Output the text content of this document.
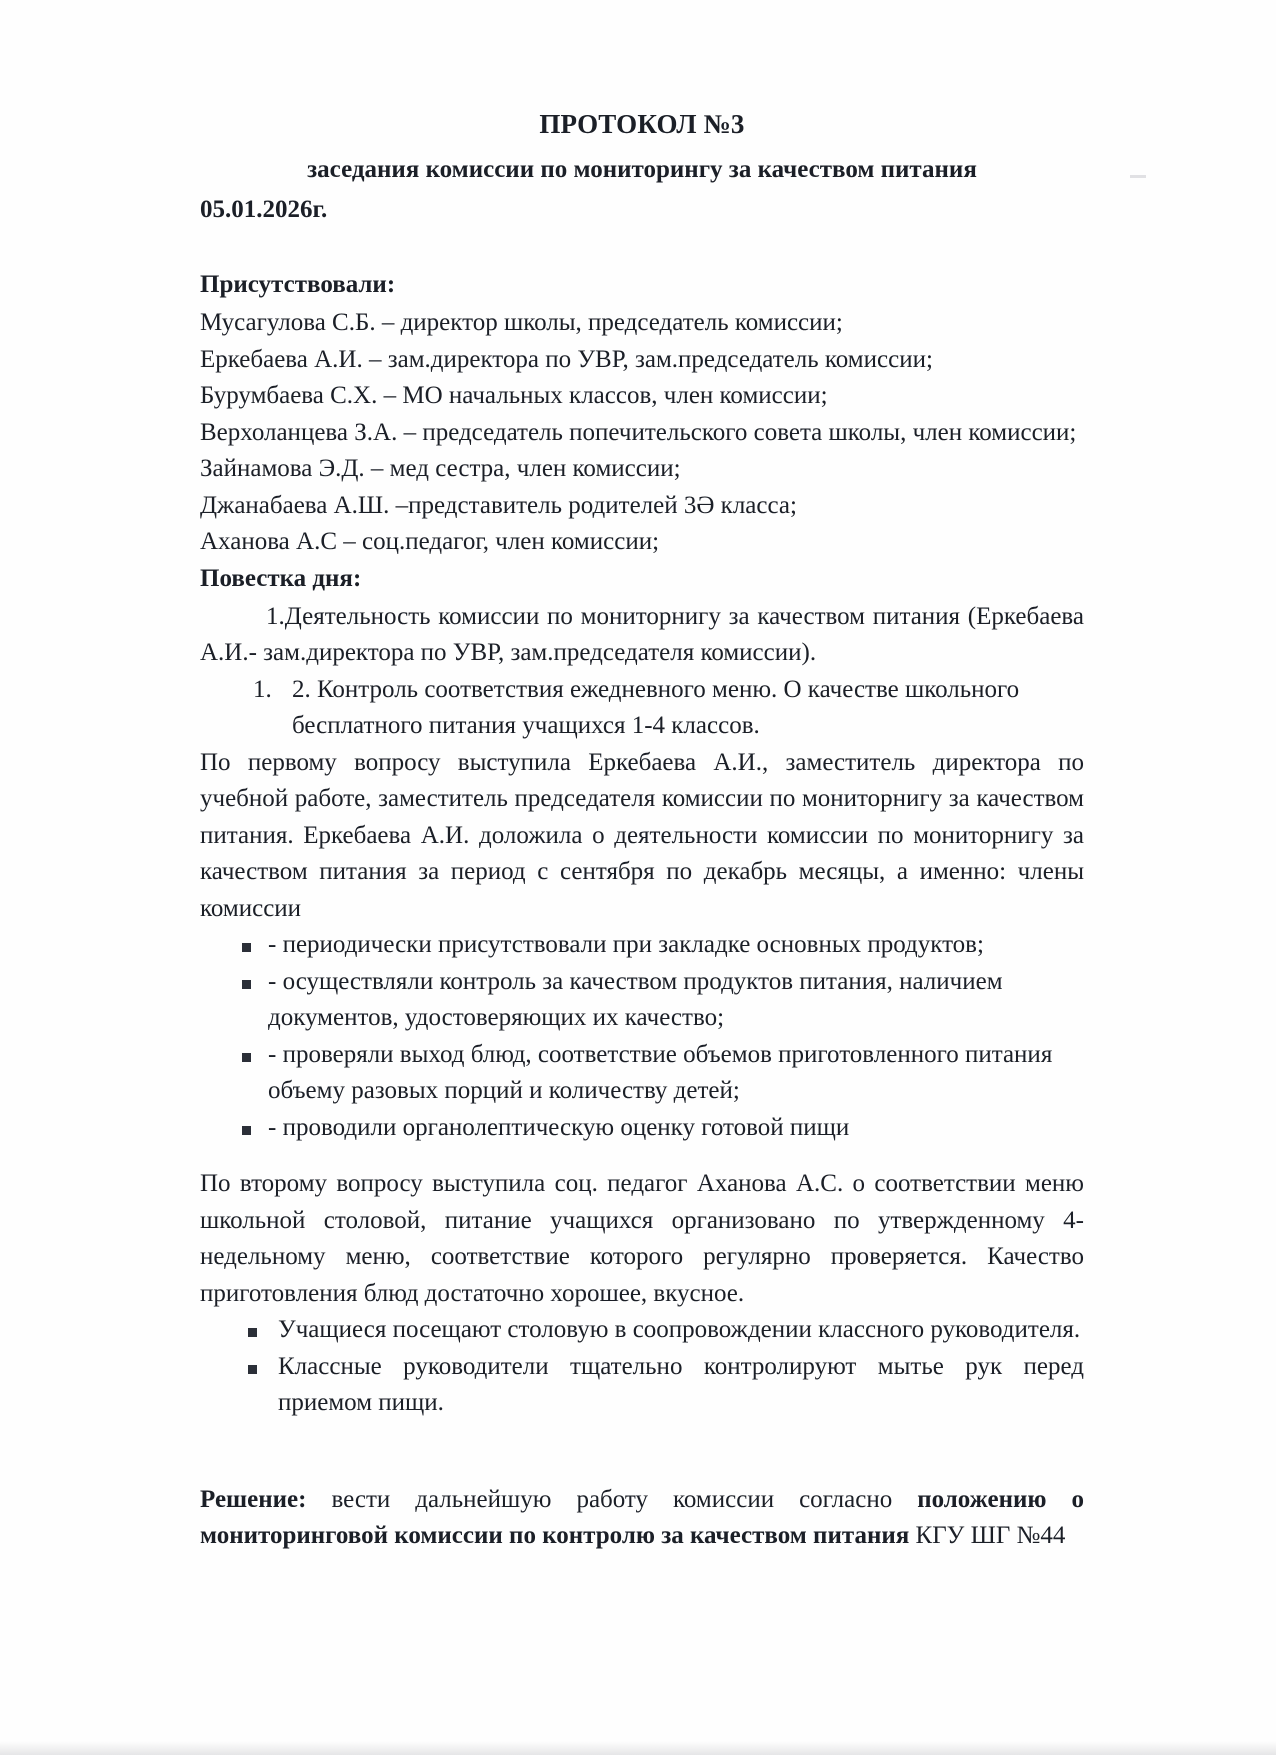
ПРОТОКОЛ №3
заседания комиссии по мониторингу за качеством питания
05.01.2026г.
Присутствовали:

Мусагулова С.Б. – директор школы, председатель комиссии;

Еркебаева А.И. – зам.директора по УВР, зам.председатель комиссии;

Бурумбаева С.Х. – МО начальных классов, член комиссии;

Верхоланцева З.А. – председатель попечительского совета школы, член комиссии;

Зайнамова Э.Д. – мед сестра, член комиссии;

Джанабаева А.Ш. –представитель родителей 3Ә класса;

Аханова А.С – соц.педагог, член комиссии;

Повестка дня:

1.Деятельность комиссии по мониторнигу за качеством питания (Еркебаева А.И.- зам.директора по УВР, зам.председателя комиссии).

1. 2. Контроль соответствия ежедневного меню. О качестве школьного бесплатного питания учащихся 1-4 классов.

По первому вопросу выступила Еркебаева А.И., заместитель директора по учебной работе, заместитель председателя комиссии по мониторнигу за качеством питания. Еркебаева А.И. доложила о деятельности комиссии по мониторнигу за качеством питания за период с сентября по декабрь месяцы, а именно: члены комиссии

- периодически присутствовали при закладке основных продуктов;
- осуществляли контроль за качеством продуктов питания, наличием документов, удостоверяющих их качество;
- проверяли выход блюд, соответствие объемов приготовленного питания объему разовых порций и количеству детей;
- проводили органолептическую оценку готовой пищи

По второму вопросу выступила соц. педагог Аханова А.С. о соответствии меню школьной столовой, питание учащихся организовано по утвержденному 4-недельному меню, соответствие которого регулярно проверяется. Качество приготовления блюд достаточно хорошее, вкусное.

Учащиеся посещают столовую в соопровождении классного руководителя.
Классные руководители тщательно контролируют мытье рук перед приемом пищи.

Решение: вести дальнейшую работу комиссии согласно положению о мониторинговой комиссии по контролю за качеством питания КГУ ШГ №44
